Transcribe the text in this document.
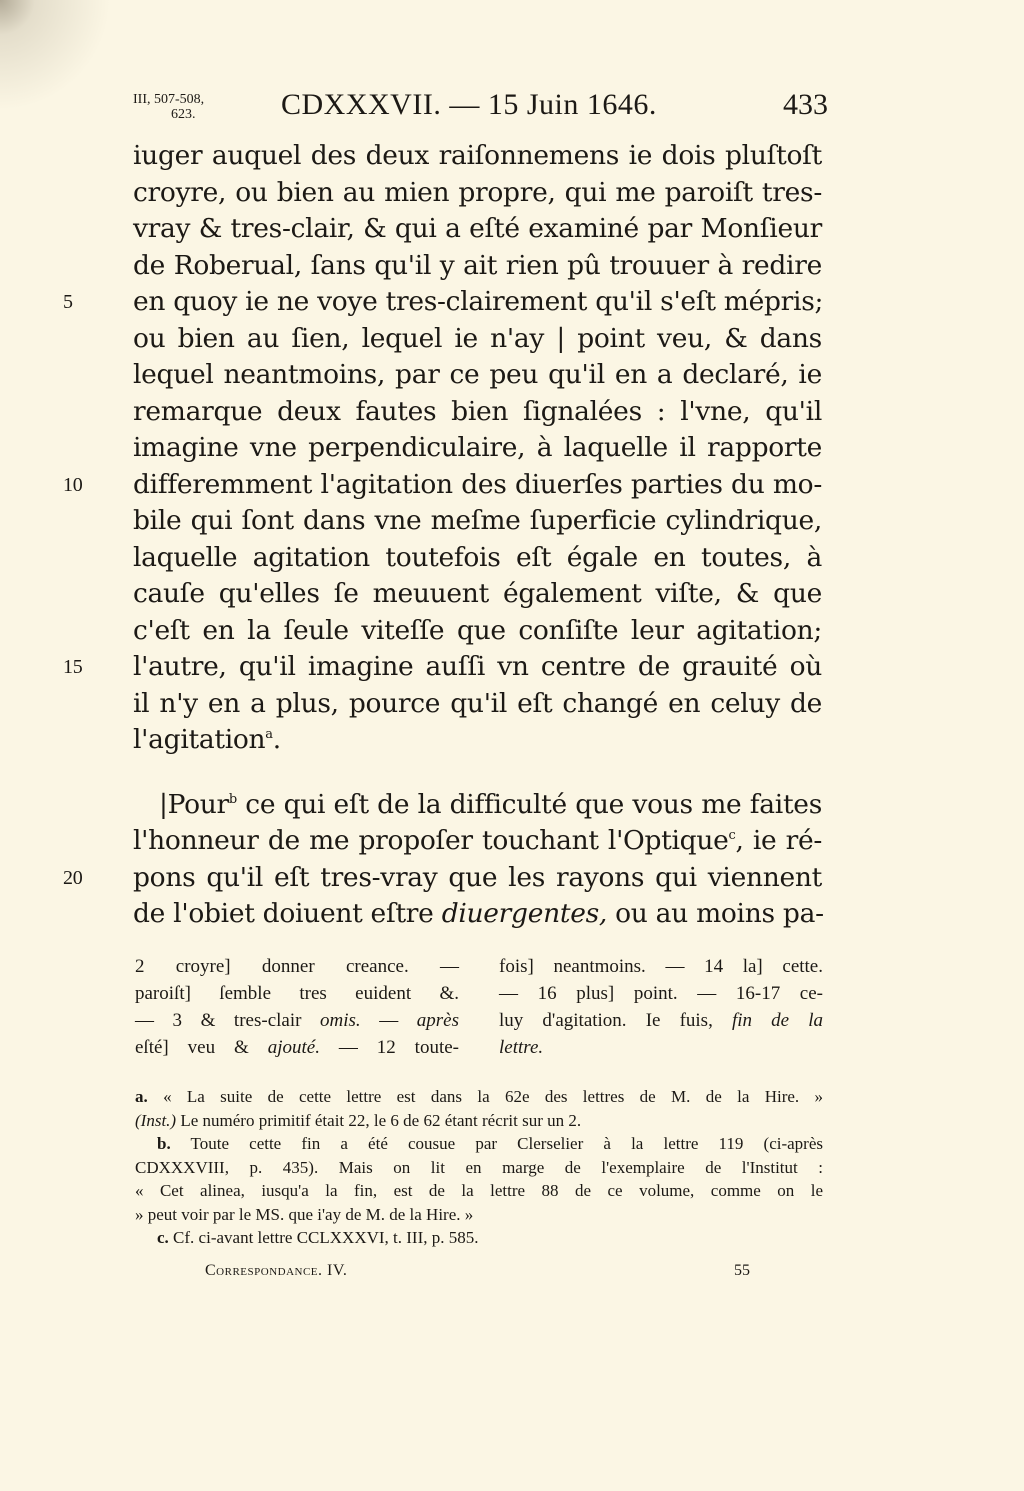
III, 507-508,
623.	CDXXXVII. — 15 Juin 1646.	433
iuger auquel des deux raiſonnemens ie dois pluſtoſt
croyre, ou bien au mien propre, qui me paroiſt tres-
vray & tres-clair, & qui a eſté examiné par Monſieur
de Roberual, ſans qu'il y ait rien pû trouuer à redire
5	en quoy ie ne voye tres-clairement qu'il s'eſt mépris;
ou bien au ſien, lequel ie n'ay | point veu, & dans
lequel neantmoins, par ce peu qu'il en a declaré, ie
remarque deux fautes bien ſignalées : l'vne, qu'il
imagine vne perpendiculaire, à laquelle il rapporte
10	differemment l'agitation des diuerſes parties du mo-
bile qui ſont dans vne meſme ſuperficie cylindrique,
laquelle agitation toutefois eſt égale en toutes, à
cauſe qu'elles ſe meuuent également viſte, & que
c'eſt en la ſeule viteſſe que conſiſte leur agitation;
15	l'autre, qu'il imagine auſſi vn centre de grauité où
il n'y en a plus, pource qu'il eſt changé en celuy de
l'agitation$^a$.
|Pour$^b$ ce qui eſt de la difficulté que vous me faites
l'honneur de me propoſer touchant l'Optique$^c$, ie ré-
20	pons qu'il eſt tres-vray que les rayons qui viennent
de l'obiet doiuent eſtre diuergentes, ou au moins pa-
2 croyre] donner creance. —
paroiſt] ſemble tres euident &.
— 3 & tres-clair omis. — après
eſté] veu & ajouté. — 12 toute-
fois] neantmoins. — 14 la] cette.
— 16 plus] point. — 16-17 ce-
luy d'agitation. Ie fuis, fin de la
lettre.
a. « La suite de cette lettre est dans la 62e des lettres de M. de la Hire. »
(Inst.) Le numéro primitif était 22, le 6 de 62 étant récrit sur un 2.
b. Toute cette fin a été cousue par Clerselier à la lettre 119 (ci-après
CDXXXVIII, p. 435). Mais on lit en marge de l'exemplaire de l'Institut :
« Cet alinea, iusqu'a la fin, est de la lettre 88 de ce volume, comme on le
» peut voir par le MS. que i'ay de M. de la Hire. »
c. Cf. ci-avant lettre CCLXXXVI, t. III, p. 585.
Correspondance. IV.	55
